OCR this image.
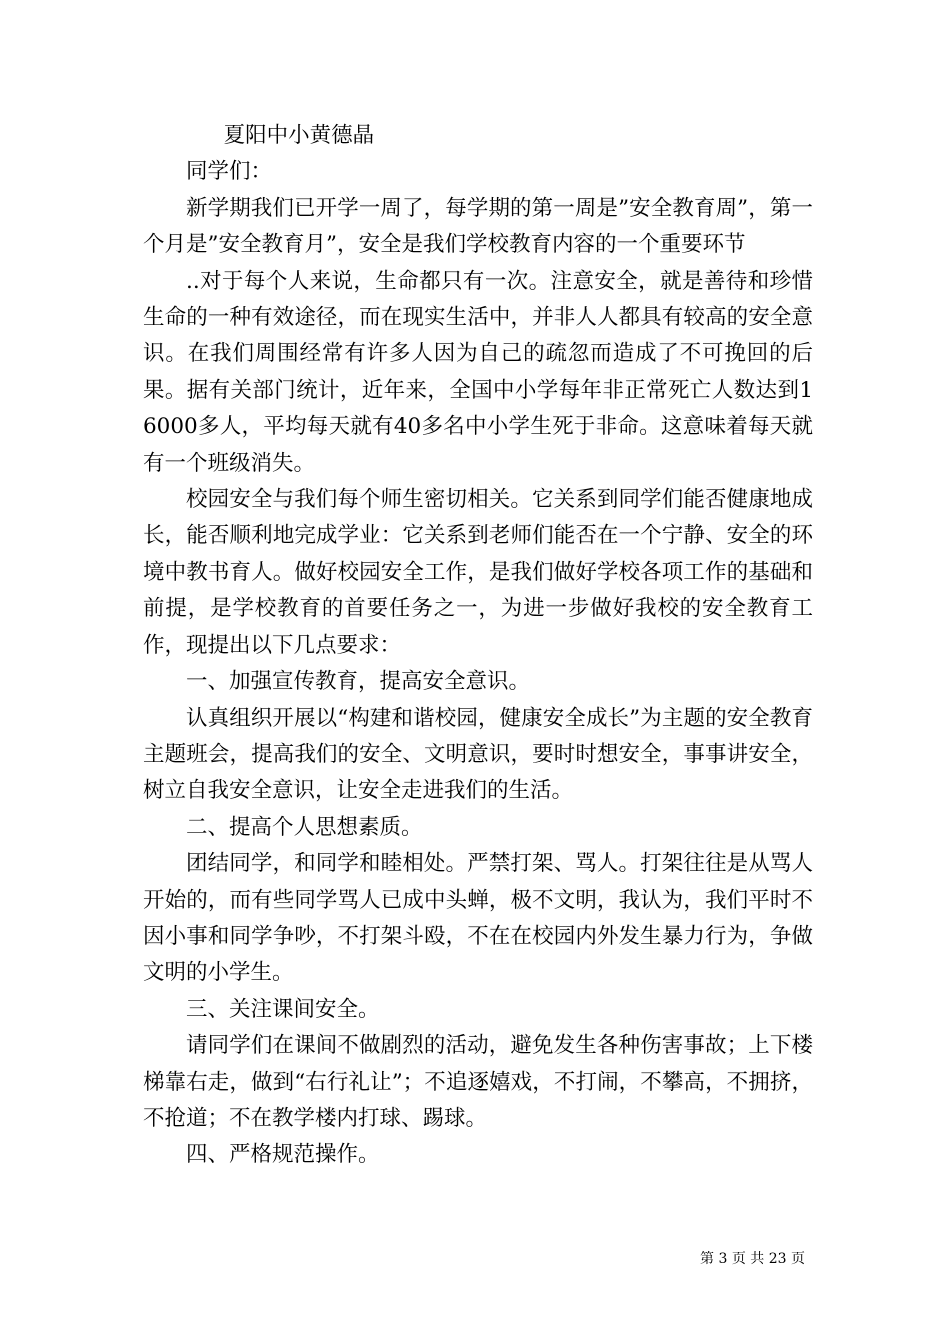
夏阳中小黄德晶

同学们：

新学期我们已开学一周了，每学期的第一周是”安全教育周”，第一个月是”安全教育月”，安全是我们学校教育内容的一个重要环节

..对于每个人来说，生命都只有一次。注意安全，就是善待和珍惜生命的一种有效途径，而在现实生活中，并非人人都具有较高的安全意识。在我们周围经常有许多人因为自己的疏忽而造成了不可挽回的后果。据有关部门统计，近年来，全国中小学每年非正常死亡人数达到16000多人，平均每天就有40多名中小学生死于非命。这意味着每天就有一个班级消失。

校园安全与我们每个师生密切相关。它关系到同学们能否健康地成长，能否顺利地完成学业：它关系到老师们能否在一个宁静、安全的环境中教书育人。做好校园安全工作，是我们做好学校各项工作的基础和前提，是学校教育的首要任务之一，为进一步做好我校的安全教育工作，现提出以下几点要求：

一、加强宣传教育，提高安全意识。

认真组织开展以“构建和谐校园，健康安全成长”为主题的安全教育主题班会，提高我们的安全、文明意识，要时时想安全，事事讲安全，树立自我安全意识，让安全走进我们的生活。

二、提高个人思想素质。

团结同学，和同学和睦相处。严禁打架、骂人。打架往往是从骂人开始的，而有些同学骂人已成中头蝉，极不文明，我认为，我们平时不因小事和同学争吵，不打架斗殴，不在在校园内外发生暴力行为，争做文明的小学生。

三、关注课间安全。

请同学们在课间不做剧烈的活动，避免发生各种伤害事故；上下楼梯靠右走，做到“右行礼让”；不追逐嬉戏，不打闹，不攀高，不拥挤，不抢道；不在教学楼内打球、踢球。

四、严格规范操作。

第 3 页 共 23 页
